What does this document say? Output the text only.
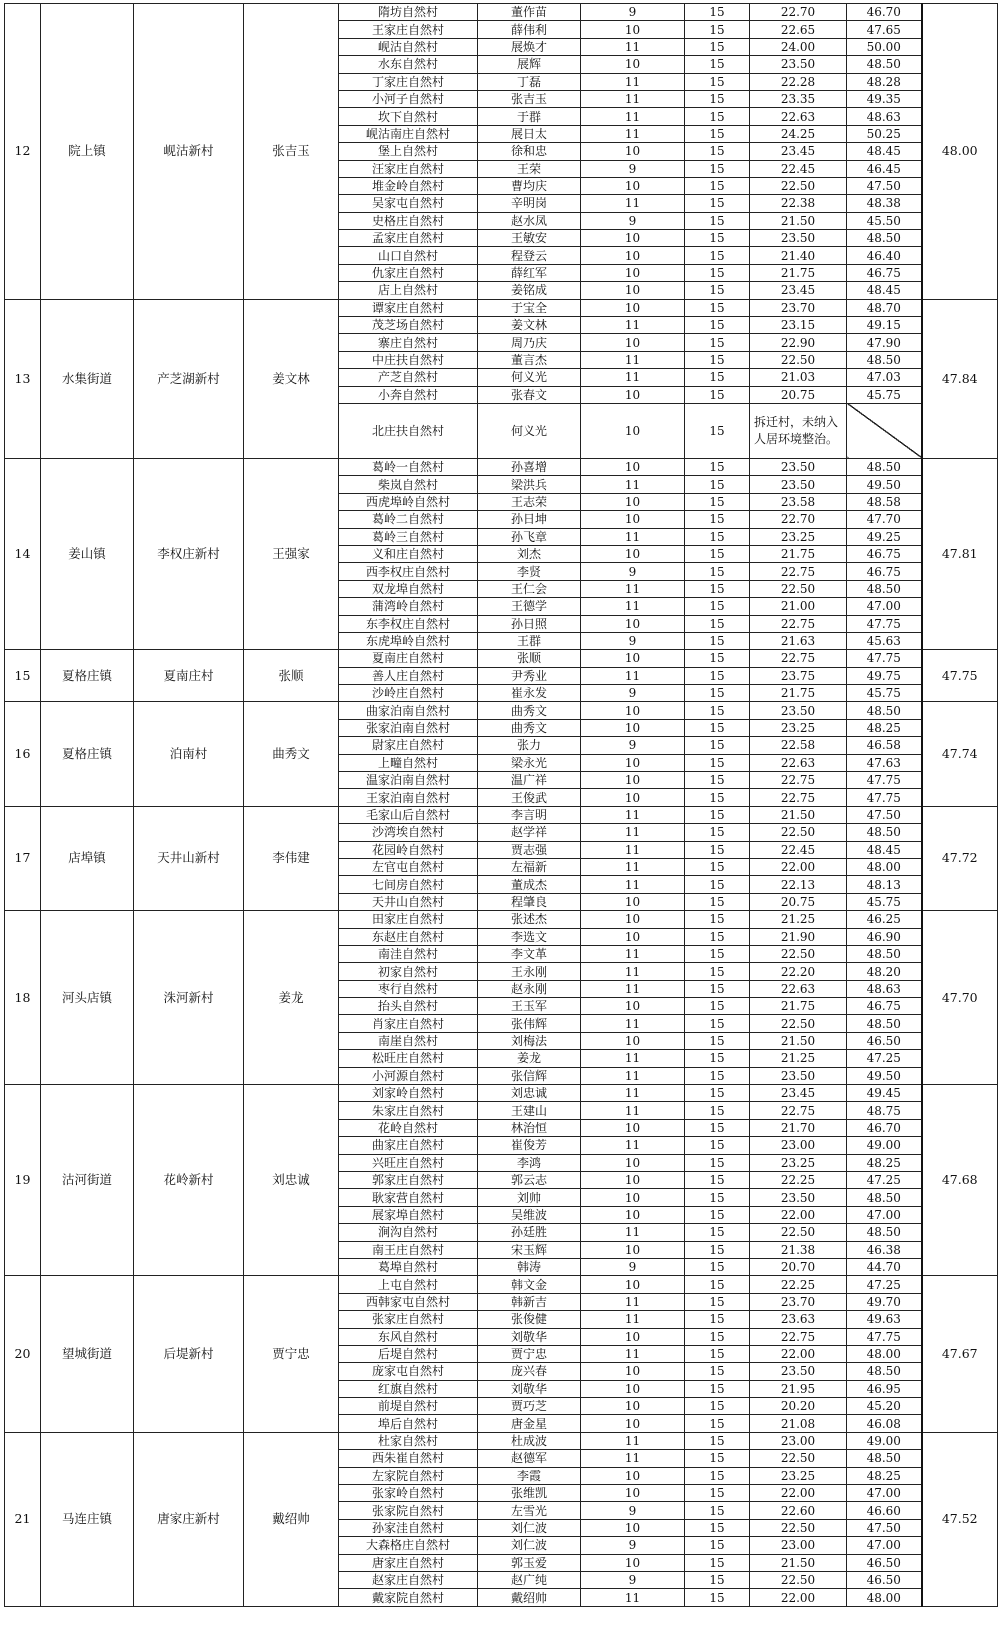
12	院上镇	岘沽新村	张吉玉	隋坊自然村	董作苗	9	15	22.70	46.70	48.00
				王家庄自然村	薛伟利	10	15	22.65	47.65	
				岘沽自然村	展焕才	11	15	24.00	50.00	
				水东自然村	展辉	10	15	23.50	48.50	
				丁家庄自然村	丁磊	11	15	22.28	48.28	
				小河子自然村	张吉玉	11	15	23.35	49.35	
				坎下自然村	于群	11	15	22.63	48.63	
				岘沽南庄自然村	展日太	11	15	24.25	50.25	
				堡上自然村	徐和忠	10	15	23.45	48.45	
				汪家庄自然村	王荣	9	15	22.45	46.45	
				堆金岭自然村	曹均庆	10	15	22.50	47.50	
				吴家屯自然村	辛明岗	11	15	22.38	48.38	
				史格庄自然村	赵水凤	9	15	21.50	45.50	
				孟家庄自然村	王敏安	10	15	23.50	48.50	
				山口自然村	程登云	10	15	21.40	46.40	
				仇家庄自然村	薛红军	10	15	21.75	46.75	
				店上自然村	姜铭成	10	15	23.45	48.45	
13	水集街道	产芝湖新村	姜文林	谭家庄自然村	于宝全	10	15	23.70	48.70	47.84
				茂芝场自然村	姜文林	11	15	23.15	49.15	
				寨庄自然村	周乃庆	10	15	22.90	47.90	
				中庄扶自然村	董言杰	11	15	22.50	48.50	
				产芝自然村	何义光	11	15	21.03	47.03	
				小奔自然村	张春文	10	15	20.75	45.75	
				北庄扶自然村	何义光	10	15	拆迁村，未纳入人居环境整治。		
14	姜山镇	李权庄新村	王强家	葛岭一自然村	孙喜增	10	15	23.50	48.50	47.81
				柴岚自然村	梁洪兵	11	15	23.50	49.50	
				西虎埠岭自然村	王志荣	10	15	23.58	48.58	
				葛岭二自然村	孙日坤	10	15	22.70	47.70	
				葛岭三自然村	孙飞章	11	15	23.25	49.25	
				义和庄自然村	刘杰	10	15	21.75	46.75	
				西李权庄自然村	李贤	9	15	22.75	46.75	
				双龙埠自然村	王仁会	11	15	22.50	48.50	
				蒲湾岭自然村	王德学	11	15	21.00	47.00	
				东李权庄自然村	孙日照	10	15	22.75	47.75	
				东虎埠岭自然村	王群	9	15	21.63	45.63	
15	夏格庄镇	夏南庄村	张顺	夏南庄自然村	张顺	10	15	22.75	47.75	47.75
				善人庄自然村	尹秀业	11	15	23.75	49.75	
				沙岭庄自然村	崔永发	9	15	21.75	45.75	
16	夏格庄镇	泊南村	曲秀文	曲家泊南自然村	曲秀文	10	15	23.50	48.50	47.74
				张家泊南自然村	曲秀文	10	15	23.25	48.25	
				尉家庄自然村	张力	9	15	22.58	46.58	
				上疃自然村	梁永光	10	15	22.63	47.63	
				温家泊南自然村	温广祥	10	15	22.75	47.75	
				王家泊南自然村	王俊武	10	15	22.75	47.75	
17	店埠镇	天井山新村	李伟建	毛家山后自然村	李言明	11	15	21.50	47.50	47.72
				沙湾埃自然村	赵学祥	11	15	22.50	48.50	
				花园岭自然村	贾志强	11	15	22.45	48.45	
				左官屯自然村	左福新	11	15	22.00	48.00	
				七间房自然村	董成杰	11	15	22.13	48.13	
				天井山自然村	程肇良	10	15	20.75	45.75	
18	河头店镇	洙河新村	姜龙	田家庄自然村	张述杰	10	15	21.25	46.25	47.70
				东赵庄自然村	李选文	10	15	21.90	46.90	
				南洼自然村	李文革	11	15	22.50	48.50	
				初家自然村	王永刚	11	15	22.20	48.20	
				枣行自然村	赵永刚	11	15	22.63	48.63	
				抬头自然村	王玉军	10	15	21.75	46.75	
				肖家庄自然村	张伟辉	11	15	22.50	48.50	
				南崖自然村	刘梅法	10	15	21.50	46.50	
				松旺庄自然村	姜龙	11	15	21.25	47.25	
				小河源自然村	张信辉	11	15	23.50	49.50	
19	沽河街道	花岭新村	刘忠诚	刘家岭自然村	刘忠诚	11	15	23.45	49.45	47.68
				朱家庄自然村	王建山	11	15	22.75	48.75	
				花岭自然村	林治恒	10	15	21.70	46.70	
				曲家庄自然村	崔俊芳	11	15	23.00	49.00	
				兴旺庄自然村	李鸿	10	15	23.25	48.25	
				郭家庄自然村	郭云志	10	15	22.25	47.25	
				耿家营自然村	刘帅	10	15	23.50	48.50	
				展家埠自然村	吴维波	10	15	22.00	47.00	
				涧沟自然村	孙廷胜	11	15	22.50	48.50	
				南王庄自然村	宋玉辉	10	15	21.38	46.38	
				葛埠自然村	韩涛	9	15	20.70	44.70	
20	望城街道	后堤新村	贾宁忠	上屯自然村	韩文金	10	15	22.25	47.25	47.67
				西韩家屯自然村	韩新吉	11	15	23.70	49.70	
				张家庄自然村	张俊健	11	15	23.63	49.63	
				东风自然村	刘敬华	10	15	22.75	47.75	
				后堤自然村	贾宁忠	11	15	22.00	48.00	
				庞家屯自然村	庞兴春	10	15	23.50	48.50	
				红旗自然村	刘敬华	10	15	21.95	46.95	
				前堤自然村	贾巧芝	10	15	20.20	45.20	
				埠后自然村	唐金星	10	15	21.08	46.08	
21	马连庄镇	唐家庄新村	戴绍帅	杜家自然村	杜成波	11	15	23.00	49.00	47.52
				西朱崔自然村	赵德军	11	15	22.50	48.50	
				左家院自然村	李霞	10	15	23.25	48.25	
				张家岭自然村	张维凯	10	15	22.00	47.00	
				张家院自然村	左雪光	9	15	22.60	46.60	
				孙家洼自然村	刘仁波	10	15	22.50	47.50	
				大森格庄自然村	刘仁波	9	15	23.00	47.00	
				唐家庄自然村	郭玉爱	10	15	21.50	46.50	
				赵家庄自然村	赵广纯	9	15	22.50	46.50	
				戴家院自然村	戴绍帅	11	15	22.00	48.00	
